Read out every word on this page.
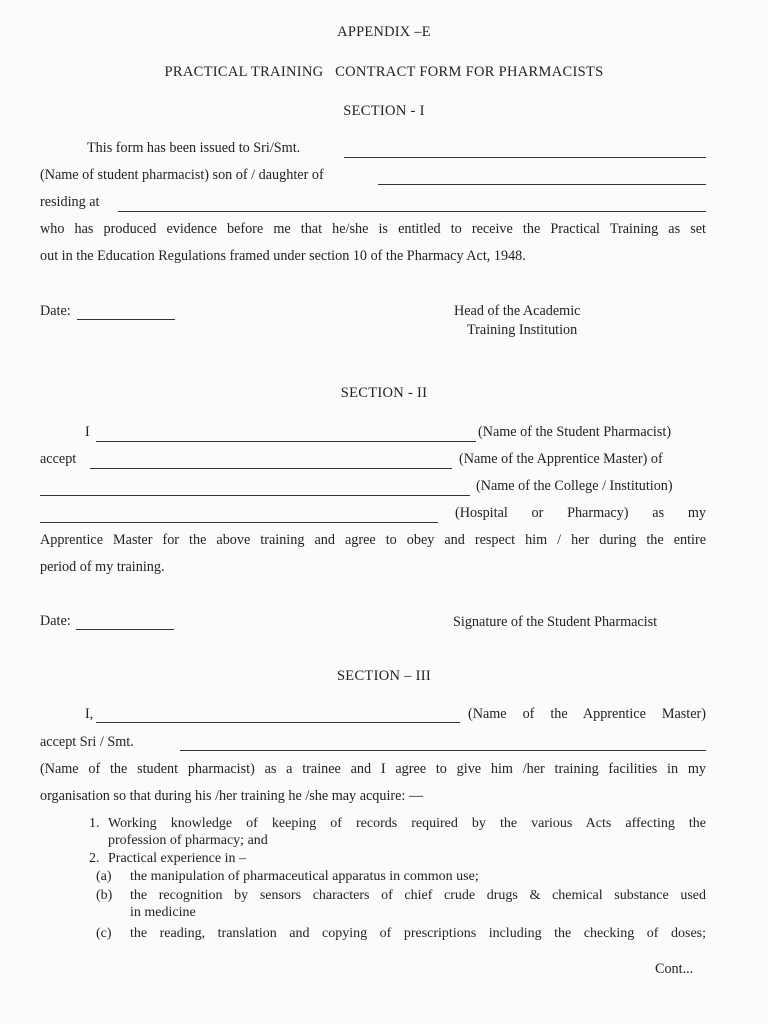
APPENDIX –E
PRACTICAL TRAINING   CONTRACT FORM FOR PHARMACISTS
SECTION - I
This form has been issued to Sri/Smt.
(Name of student pharmacist) son of / daughter of
residing at
who has produced evidence before me that he/she is entitled to receive the Practical Training as set
out in the Education Regulations framed under section 10 of the Pharmacy Act, 1948.
Date:	Head of the Academic
Training Institution
SECTION - II
I	(Name of the Student Pharmacist)
accept	(Name of the Apprentice Master) of
(Name of the College / Institution)
(Hospital or Pharmacy) as my
Apprentice Master for the above training and agree to obey and respect him / her during the entire
period of my training.
Date:	Signature of the Student Pharmacist
SECTION – III
I,	(Name of the Apprentice Master)
accept Sri / Smt.
(Name of the student pharmacist) as a trainee and I agree to give him /her training facilities in my
organisation so that during his /her training he /she may acquire: —
1. Working knowledge of keeping of records required by the various Acts affecting the
profession of pharmacy; and
2. Practical experience in –
(a) the manipulation of pharmaceutical apparatus in common use;
(b) the recognition by sensors characters of chief crude drugs & chemical substance used
in medicine
(c) the reading, translation and copying of prescriptions including the checking of doses;
Cont...
